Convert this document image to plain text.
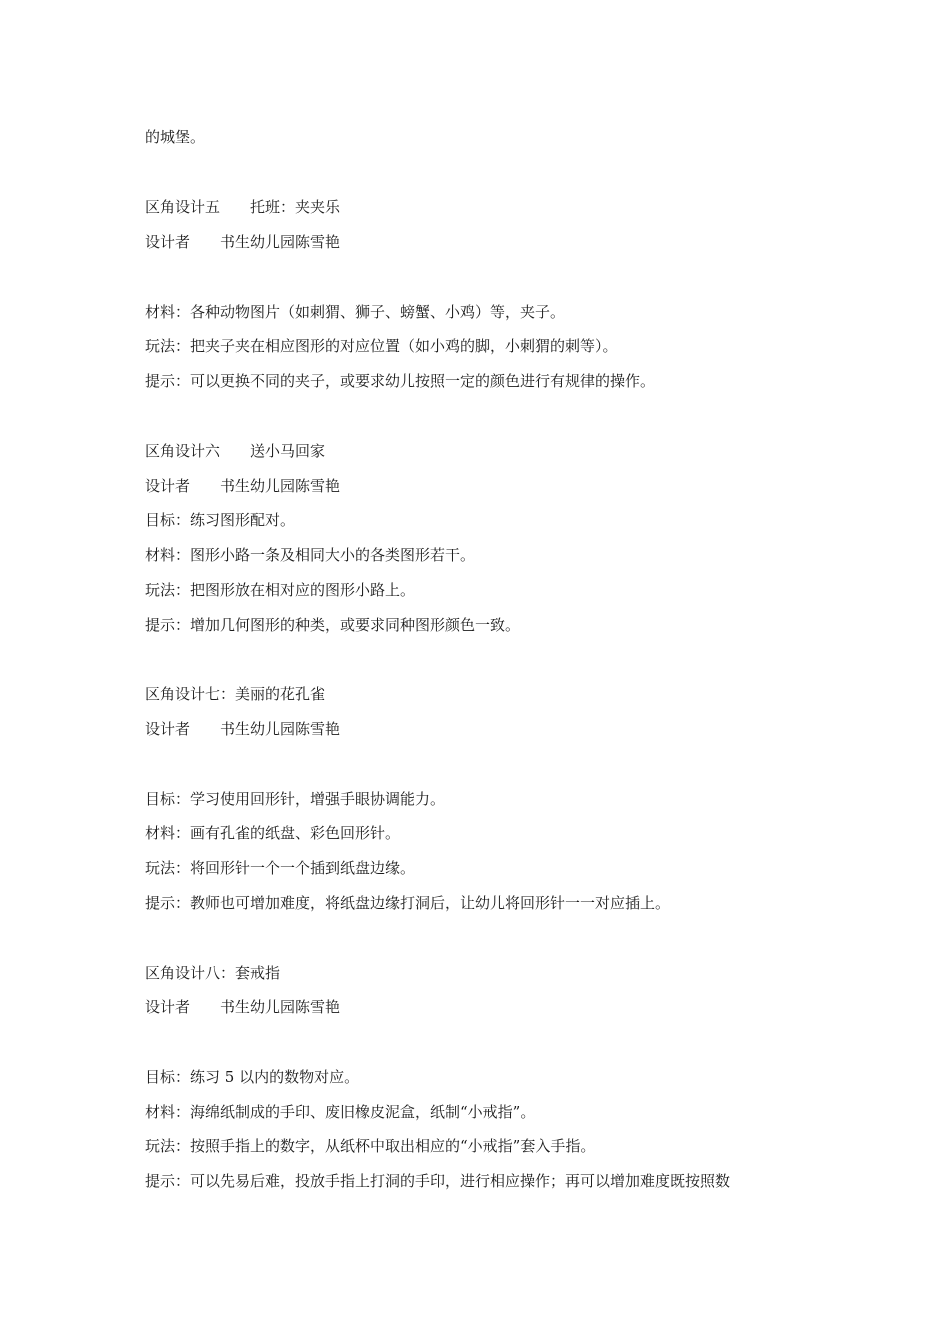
的城堡。
区角设计五　　托班：夹夹乐
设计者　　书生幼儿园陈雪艳
材料：各种动物图片（如刺猬、狮子、螃蟹、小鸡）等，夹子。
玩法：把夹子夹在相应图形的对应位置（如小鸡的脚，小刺猬的刺等）。
提示：可以更换不同的夹子，或要求幼儿按照一定的颜色进行有规律的操作。
区角设计六　　送小马回家
设计者　　书生幼儿园陈雪艳
目标：练习图形配对。
材料：图形小路一条及相同大小的各类图形若干。
玩法：把图形放在相对应的图形小路上。
提示：增加几何图形的种类，或要求同种图形颜色一致。
区角设计七：美丽的花孔雀
设计者　　书生幼儿园陈雪艳
目标：学习使用回形针，增强手眼协调能力。
材料：画有孔雀的纸盘、彩色回形针。
玩法：将回形针一个一个插到纸盘边缘。
提示：教师也可增加难度，将纸盘边缘打洞后，让幼儿将回形针一一对应插上。
区角设计八：套戒指
设计者　　书生幼儿园陈雪艳
目标：练习 5 以内的数物对应。
材料：海绵纸制成的手印、废旧橡皮泥盒，纸制“小戒指”。
玩法：按照手指上的数字，从纸杯中取出相应的“小戒指”套入手指。
提示：可以先易后难，投放手指上打洞的手印，进行相应操作；再可以增加难度既按照数
